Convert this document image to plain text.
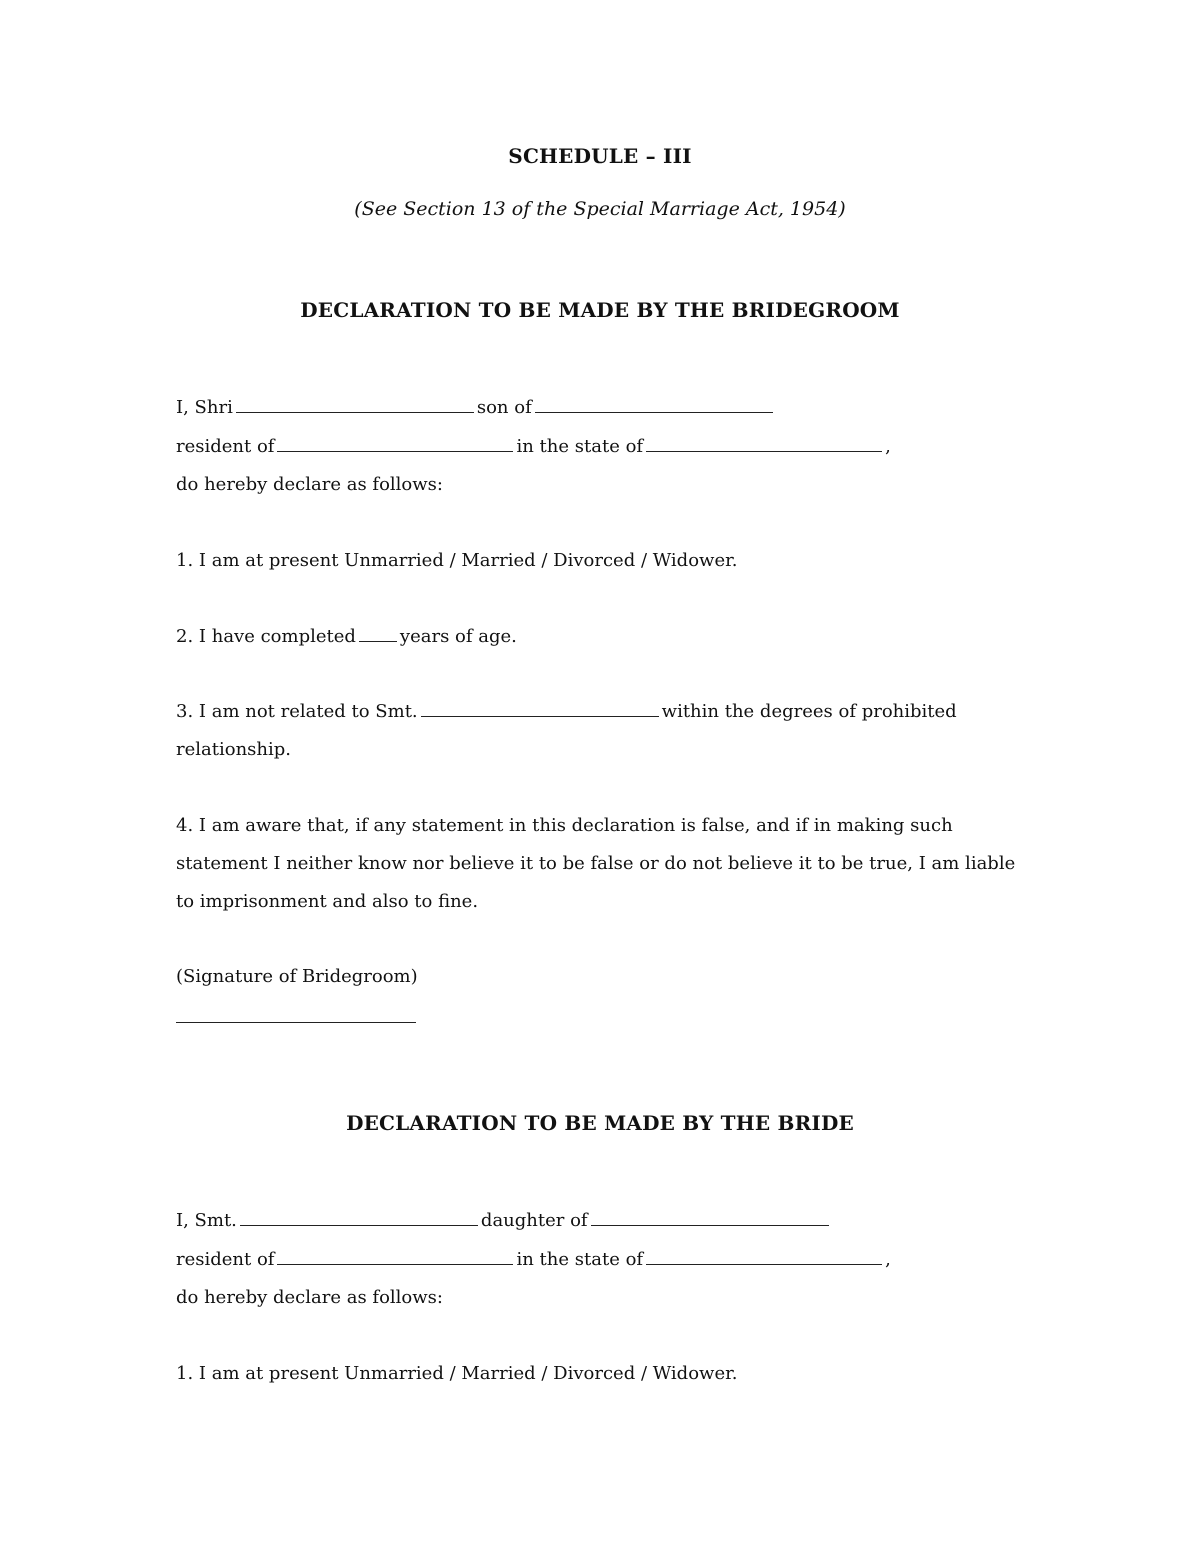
SCHEDULE – III
(See Section 13 of the Special Marriage Act, 1954)
DECLARATION TO BE MADE BY THE BRIDEGROOM
I, Shri	son of
resident of	in the state of	,
do hereby declare as follows:
1. I am at present Unmarried / Married / Divorced / Widower.
2. I have completed years of age.
3. I am not related to Smt.	within the degrees of prohibited
relationship.
4. I am aware that, if any statement in this declaration is false, and if in making such
statement I neither know nor believe it to be false or do not believe it to be true, I am liable
to imprisonment and also to fine.
(Signature of Bridegroom)
DECLARATION TO BE MADE BY THE BRIDE
I, Smt.	daughter of
resident of	in the state of	,
do hereby declare as follows:
1. I am at present Unmarried / Married / Divorced / Widower.
